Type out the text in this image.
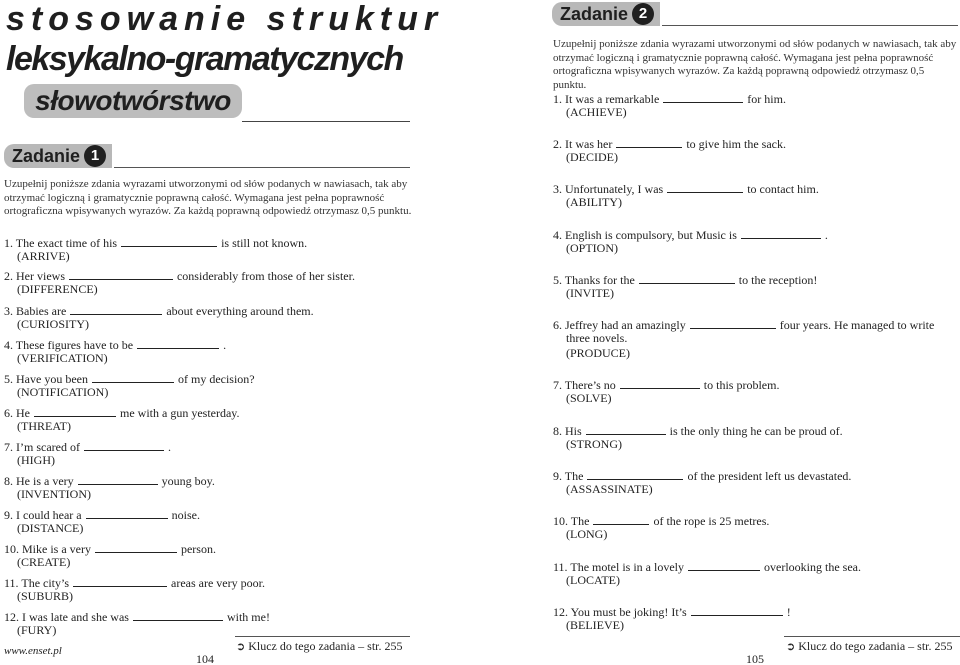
stosowanie struktur
leksykalno-gramatycznych
słowotwórstwo
Zadanie 1
Uzupełnij poniższe zdania wyrazami utworzonymi od słów podanych w nawiasach, tak aby otrzymać logiczną i gramatycznie poprawną całość. Wymagana jest pełna poprawność ortograficzna wpisywanych wyrazów. Za każdą poprawną odpowiedź otrzymasz 0,5 punktu.
1. The exact time of his	is still not known.
(ARRIVE)
2. Her views	considerably from those of her sister.
(DIFFERENCE)
3. Babies are	about everything around them.
(CURIOSITY)
4. These figures have to be	.
(VERIFICATION)
5. Have you been	of my decision?
(NOTIFICATION)
6. He	me with a gun yesterday.
(THREAT)
7. I’m scared of	.
(HIGH)
8. He is a very	young boy.
(INVENTION)
9. I could hear a	noise.
(DISTANCE)
10. Mike is a very	person.
(CREATE)
11. The city’s	areas are very poor.
(SUBURB)
12. I was late and she was	with me!
(FURY)
➲ Klucz do tego zadania – str. 255
www.enset.pl
104
Zadanie 2
Uzupełnij poniższe zdania wyrazami utworzonymi od słów podanych w nawiasach, tak aby otrzymać logiczną i gramatycznie poprawną całość. Wymagana jest pełna poprawność ortograficzna wpisywanych wyrazów. Za każdą poprawną odpowiedź otrzymasz 0,5 punktu.
1. It was a remarkable	for him.
(ACHIEVE)
2. It was her	to give him the sack.
(DECIDE)
3. Unfortunately, I was	to contact him.
(ABILITY)
4. English is compulsory, but Music is	.
(OPTION)
5. Thanks for the	to the reception!
(INVITE)
6. Jeffrey had an amazingly	four years. He managed to write
three novels.
(PRODUCE)
7. There’s no	to this problem.
(SOLVE)
8. His	is the only thing he can be proud of.
(STRONG)
9. The	of the president left us devastated.
(ASSASSINATE)
10. The	of the rope is 25 metres.
(LONG)
11. The motel is in a lovely	overlooking the sea.
(LOCATE)
12. You must be joking! It’s	!
(BELIEVE)
➲ Klucz do tego zadania – str. 255
105
